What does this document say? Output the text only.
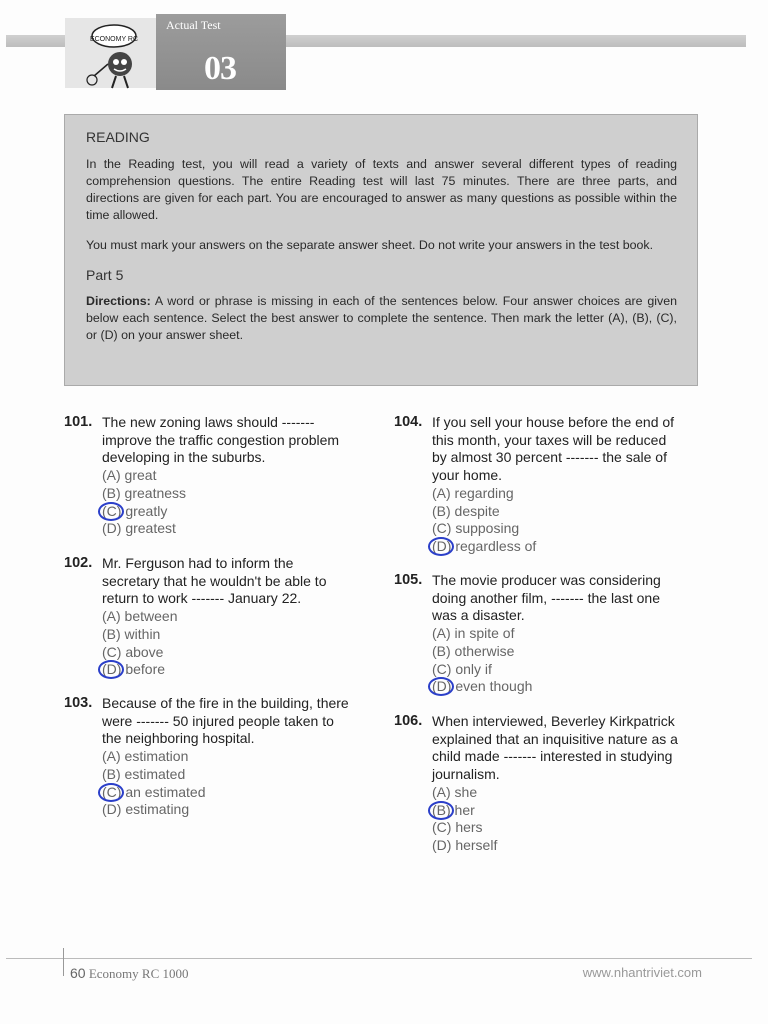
ECONOMY RC
Actual Test
03
READING

In the Reading test, you will read a variety of texts and answer several different types of reading comprehension questions. The entire Reading test will last 75 minutes. There are three parts, and directions are given for each part. You are encouraged to answer as many questions as possible within the time allowed.

You must mark your answers on the separate answer sheet. Do not write your answers in the test book.

Part 5

Directions: A word or phrase is missing in each of the sentences below. Four answer choices are given below each sentence. Select the best answer to complete the sentence. Then mark the letter (A), (B), (C), or (D) on your answer sheet.

101. The new zoning laws should ------- improve the traffic congestion problem developing in the suburbs.
(A) great
(B) greatness
(C) greatly
(D) greatest
102. Mr. Ferguson had to inform the secretary that he wouldn't be able to return to work ------- January 22.
(A) between
(B) within
(C) above
(D) before
103. Because of the fire in the building, there were ------- 50 injured people taken to the neighboring hospital.
(A) estimation
(B) estimated
(C) an estimated
(D) estimating
104. If you sell your house before the end of this month, your taxes will be reduced by almost 30 percent ------- the sale of your home.
(A) regarding
(B) despite
(C) supposing
(D) regardless of
105. The movie producer was considering doing another film, ------- the last one was a disaster.
(A) in spite of
(B) otherwise
(C) only if
(D) even though
106. When interviewed, Beverley Kirkpatrick explained that an inquisitive nature as a child made ------- interested in studying journalism.
(A) she
(B) her
(C) hers
(D) herself
60 Economy RC 1000	www.nhantriviet.com
